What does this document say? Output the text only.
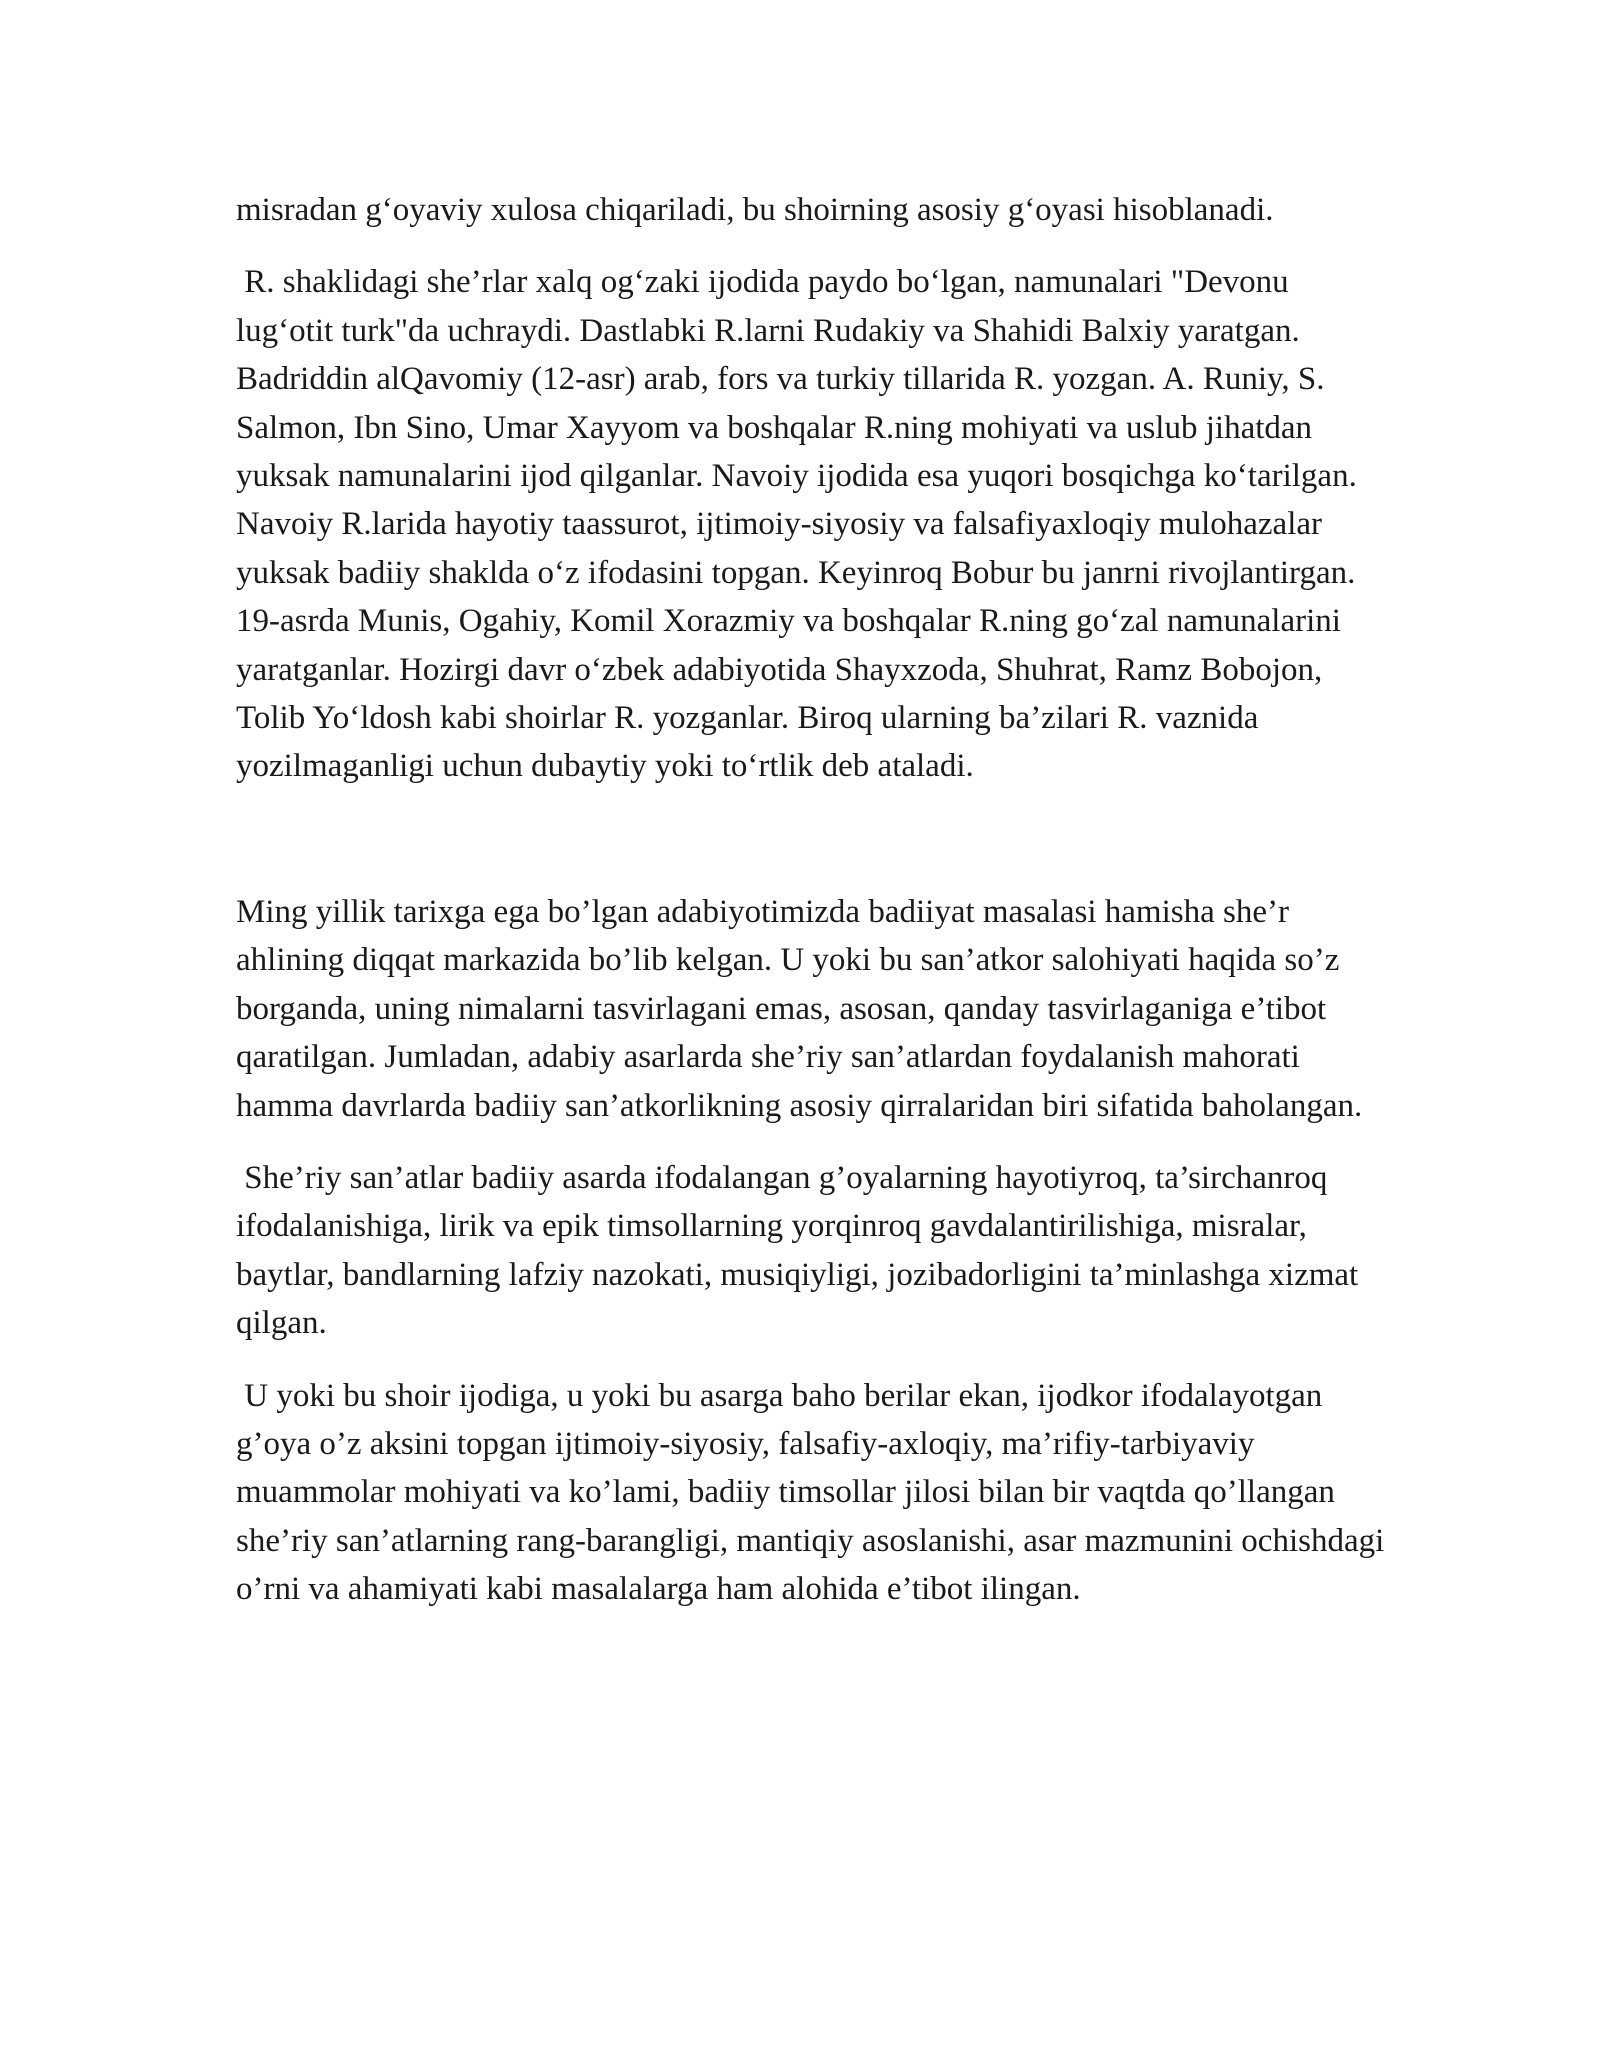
misradan g‘oyaviy xulosa chiqariladi, bu shoirning asosiy g‘oyasi hisoblanadi.

R. shaklidagi she’rlar xalq og‘zaki ijodida paydo bo‘lgan, namunalari "Devonu lug‘otit turk"da uchraydi. Dastlabki R.larni Rudakiy va Shahidi Balxiy yaratgan. Badriddin alQavomiy (12-asr) arab, fors va turkiy tillarida R. yozgan. A. Runiy, S. Salmon, Ibn Sino, Umar Xayyom va boshqalar R.ning mohiyati va uslub jihatdan yuksak namunalarini ijod qilganlar. Navoiy ijodida esa yuqori bosqichga ko‘tarilgan. Navoiy R.larida hayotiy taassurot, ijtimoiy-siyosiy va falsafiyaxloqiy mulohazalar yuksak badiiy shaklda o‘z ifodasini topgan. Keyinroq Bobur bu janrni rivojlantirgan. 19-asrda Munis, Ogahiy, Komil Xorazmiy va boshqalar R.ning go‘zal namunalarini yaratganlar. Hozirgi davr o‘zbek adabiyotida Shayxzoda, Shuhrat, Ramz Bobojon, Tolib Yo‘ldosh kabi shoirlar R. yozganlar. Biroq ularning ba’zilari R. vaznida yozilmaganligi uchun dubaytiy yoki to‘rtlik deb ataladi.

Ming yillik tarixga ega bo’lgan adabiyotimizda badiiyat masalasi hamisha she’r ahlining diqqat markazida bo’lib kelgan. U yoki bu san’atkor salohiyati haqida so’z borganda, uning nimalarni tasvirlagani emas, asosan, qanday tasvirlaganiga e’tibot qaratilgan. Jumladan, adabiy asarlarda she’riy san’atlardan foydalanish mahorati hamma davrlarda badiiy san’atkorlikning asosiy qirralaridan biri sifatida baholangan.

She’riy san’atlar badiiy asarda ifodalangan g’oyalarning hayotiyroq, ta’sirchanroq ifodalanishiga, lirik va epik timsollarning yorqinroq gavdalantirilishiga, misralar, baytlar, bandlarning lafziy nazokati, musiqiyligi, jozibadorligini ta’minlashga xizmat qilgan.

U yoki bu shoir ijodiga, u yoki bu asarga baho berilar ekan, ijodkor ifodalayotgan g’oya o’z aksini topgan ijtimoiy-siyosiy, falsafiy-axloqiy, ma’rifiy-tarbiyaviy muammolar mohiyati va ko’lami, badiiy timsollar jilosi bilan bir vaqtda qo’llangan she’riy san’atlarning rang-barangligi, mantiqiy asoslanishi, asar mazmunini ochishdagi o’rni va ahamiyati kabi masalalarga ham alohida e’tibot ilingan.
